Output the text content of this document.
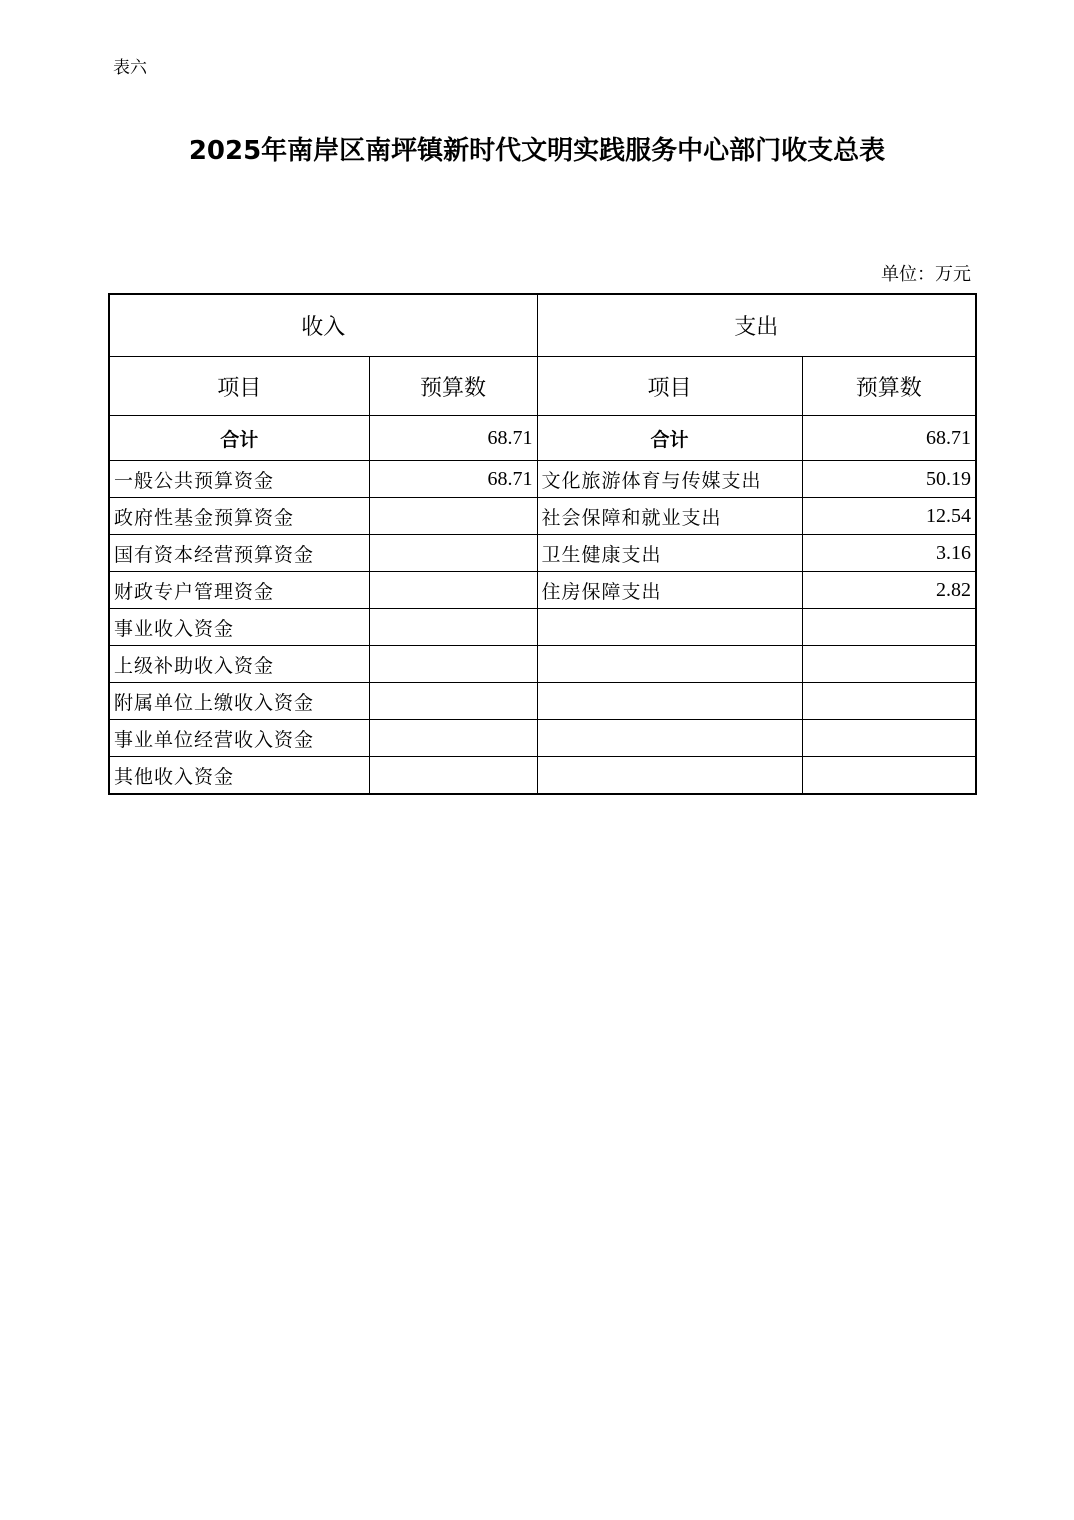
表六
2025年南岸区南坪镇新时代文明实践服务中心部门收支总表
单位：万元
收入		支出	
项目	预算数	项目	预算数
合计	68.71	合计	68.71
一般公共预算资金	68.71	文化旅游体育与传媒支出	50.19
政府性基金预算资金		社会保障和就业支出	12.54
国有资本经营预算资金		卫生健康支出	3.16
财政专户管理资金		住房保障支出	2.82
事业收入资金			
上级补助收入资金			
附属单位上缴收入资金			
事业单位经营收入资金			
其他收入资金			
